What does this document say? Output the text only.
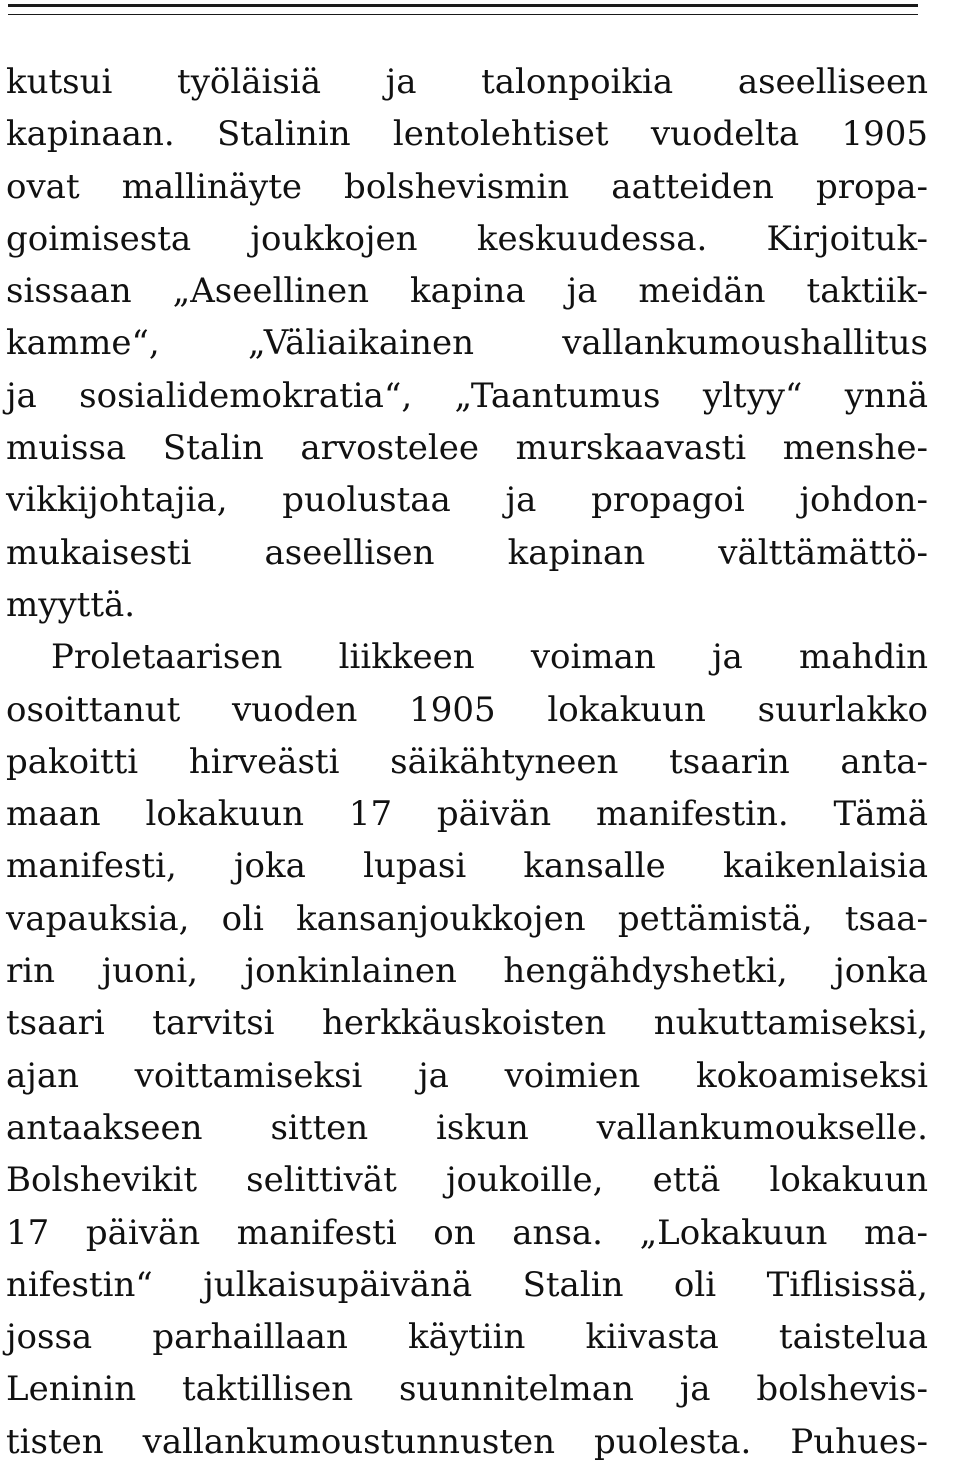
kutsui työläisiä ja talonpoikia aseelliseen
kapinaan. Stalinin lentolehtiset vuodelta 1905
ovat mallinäyte bolshevismin aatteiden propa-
goimisesta joukkojen keskuudessa. Kirjoituk-
sissaan „Aseellinen kapina ja meidän taktiik-
kamme“, „Väliaikainen vallankumoushallitus
ja sosialidemokratia“, „Taantumus yltyy“ ynnä
muissa Stalin arvostelee murskaavasti menshe-
vikkijohtajia, puolustaa ja propagoi johdon-
mukaisesti aseellisen kapinan välttämättö-
myyttä.
Proletaarisen liikkeen voiman ja mahdin
osoittanut vuoden 1905 lokakuun suurlakko
pakoitti hirveästi säikähtyneen tsaarin anta-
maan lokakuun 17 päivän manifestin. Tämä
manifesti, joka lupasi kansalle kaikenlaisia
vapauksia, oli kansanjoukkojen pettämistä, tsaa-
rin juoni, jonkinlainen hengähdyshetki, jonka
tsaari tarvitsi herkkäuskoisten nukuttamiseksi,
ajan voittamiseksi ja voimien kokoamiseksi
antaakseen sitten iskun vallankumoukselle.
Bolshevikit selittivät joukoille, että lokakuun
17 päivän manifesti on ansa. „Lokakuun ma-
nifestin“ julkaisupäivänä Stalin oli Tiflisissä,
jossa parhaillaan käytiin kiivasta taistelua
Leninin taktillisen suunnitelman ja bolshevis-
tisten vallankumoustunnusten puolesta. Puhues-
